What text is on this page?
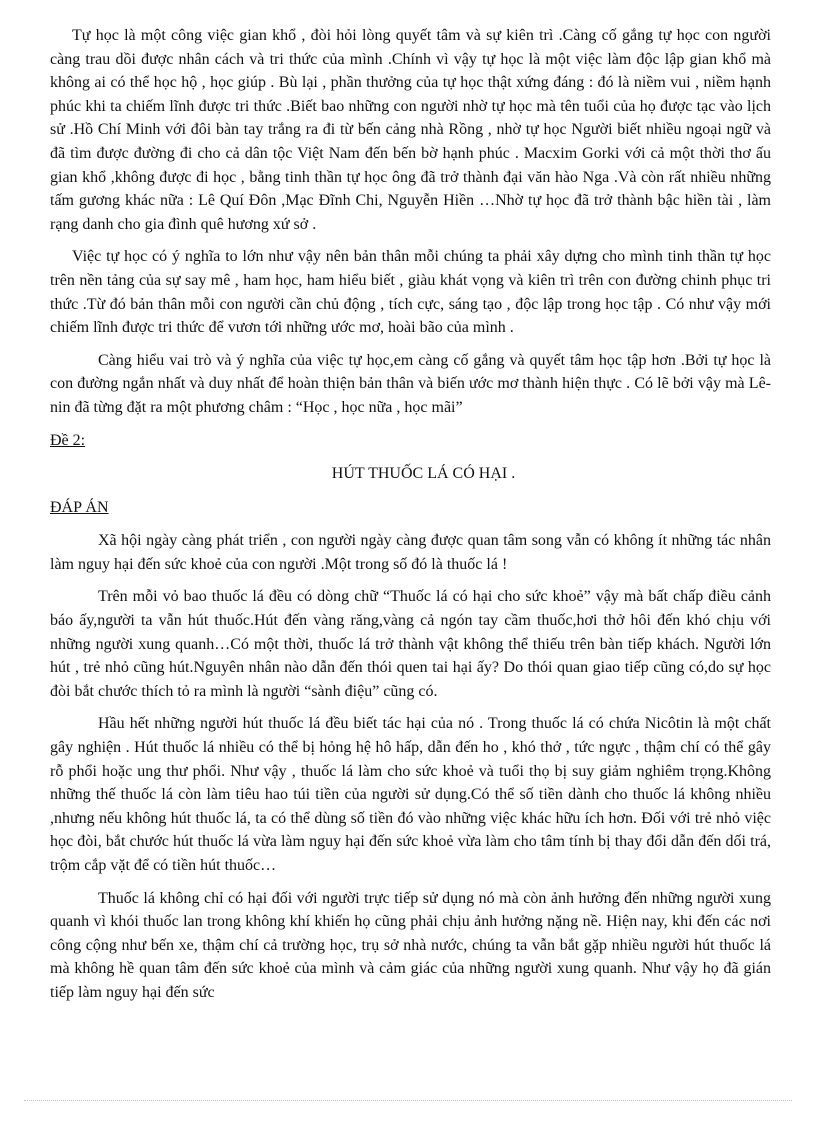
Tự học là một công việc gian khổ , đòi hỏi lòng quyết tâm và sự kiên trì .Càng cố gắng tự học con người càng trau dồi được nhân cách và tri thức của mình .Chính vì vậy tự học là một việc làm độc lập gian khổ mà không ai có thể học hộ , học giúp . Bù lại , phần thưởng của tự học thật xứng đáng : đó là niềm vui , niềm hạnh phúc khi ta chiếm lĩnh được tri thức .Biết bao những con người nhờ tự học mà tên tuổi của họ được tạc vào lịch sử .Hồ Chí Minh với đôi bàn tay trắng ra đi từ bến cảng nhà Rồng , nhờ tự học Người biết nhiều ngoại ngữ và đã tìm được đường đi cho cả dân tộc Việt Nam đến bến bờ hạnh phúc . Macxim Gorki với cả một thời thơ ấu gian khổ ,không được đi học , bằng tinh thần tự học ông đã trở thành đại văn hào Nga .Và còn rất nhiều những tấm gương khác nữa : Lê Quí Đôn ,Mạc Đĩnh Chi, Nguyễn Hiền …Nhờ tự học đã trở thành bậc hiền tài , làm rạng danh cho gia đình quê hương xứ sở .

Việc tự học có ý nghĩa to lớn như vậy nên bản thân mỗi chúng ta phải xây dựng cho mình tinh thần tự học trên nền tảng của sự say mê , ham học, ham hiểu biết , giàu khát vọng và kiên trì trên con đường chinh phục tri thức .Từ đó bản thân mỗi con người cần chủ động , tích cực, sáng tạo , độc lập trong học tập . Có như vậy mới chiếm lĩnh được tri thức để vươn tới những ước mơ, hoài bão của mình .

Càng hiểu vai trò và ý nghĩa của việc tự học,em càng cố gắng và quyết tâm học tập hơn .Bởi tự học là con đường ngắn nhất và duy nhất để hoàn thiện bản thân và biến ước mơ thành hiện thực . Có lẽ bởi vậy mà Lê-nin đã từng đặt ra một phương châm : “Học , học nữa , học mãi”

Đề 2:

HÚT THUỐC LÁ CÓ HẠI .

ĐÁP ÁN

Xã hội ngày càng phát triển , con người ngày càng được quan tâm song vẫn có không ít những tác nhân làm nguy hại đến sức khoẻ của con người .Một trong số đó là thuốc lá !

Trên mỗi vỏ bao thuốc lá đều có dòng chữ “Thuốc lá có hại cho sức khoẻ” vậy mà bất chấp điều cảnh báo ấy,người ta vẫn hút thuốc.Hút đến vàng răng,vàng cả ngón tay cầm thuốc,hơi thở hôi đến khó chịu với những người xung quanh…Có một thời, thuốc lá trở thành vật không thể thiếu trên bàn tiếp khách. Người lớn hút , trẻ nhỏ cũng hút.Nguyên nhân nào dẫn đến thói quen tai hại ấy? Do thói quan giao tiếp cũng có,do sự học đòi bắt chước thích tỏ ra mình là người “sành điệu” cũng có.

Hầu hết những người hút thuốc lá đều biết tác hại của nó . Trong thuốc lá có chứa Nicôtin là một chất gây nghiện . Hút thuốc lá nhiều có thể bị hỏng hệ hô hấp, dẫn đến ho , khó thở , tức ngực , thậm chí có thể gây rỗ phổi hoặc ung thư phổi. Như vậy , thuốc lá làm cho sức khoẻ và tuổi thọ bị suy giảm nghiêm trọng.Không những thế thuốc lá còn làm tiêu hao túi tiền của người sử dụng.Có thể số tiền dành cho thuốc lá không nhiều ,nhưng nếu không hút thuốc lá, ta có thể dùng số tiền đó vào những việc khác hữu ích hơn. Đối với trẻ nhỏ việc học đòi, bắt chước hút thuốc lá vừa làm nguy hại đến sức khoẻ vừa làm cho tâm tính bị thay đổi dẫn đến dối trá, trộm cắp vặt để có tiền hút thuốc…

Thuốc lá không chỉ có hại đối với người trực tiếp sử dụng nó mà còn ảnh hưởng đến những người xung quanh vì khói thuốc lan trong không khí khiến họ cũng phải chịu ảnh hưởng nặng nề. Hiện nay, khi đến các nơi công cộng như bến xe, thậm chí cả trường học, trụ sở nhà nước, chúng ta vẫn bắt gặp nhiều người hút thuốc lá mà không hề quan tâm đến sức khoẻ của mình và cảm giác của những người xung quanh. Như vậy họ đã gián tiếp làm nguy hại đến sức
